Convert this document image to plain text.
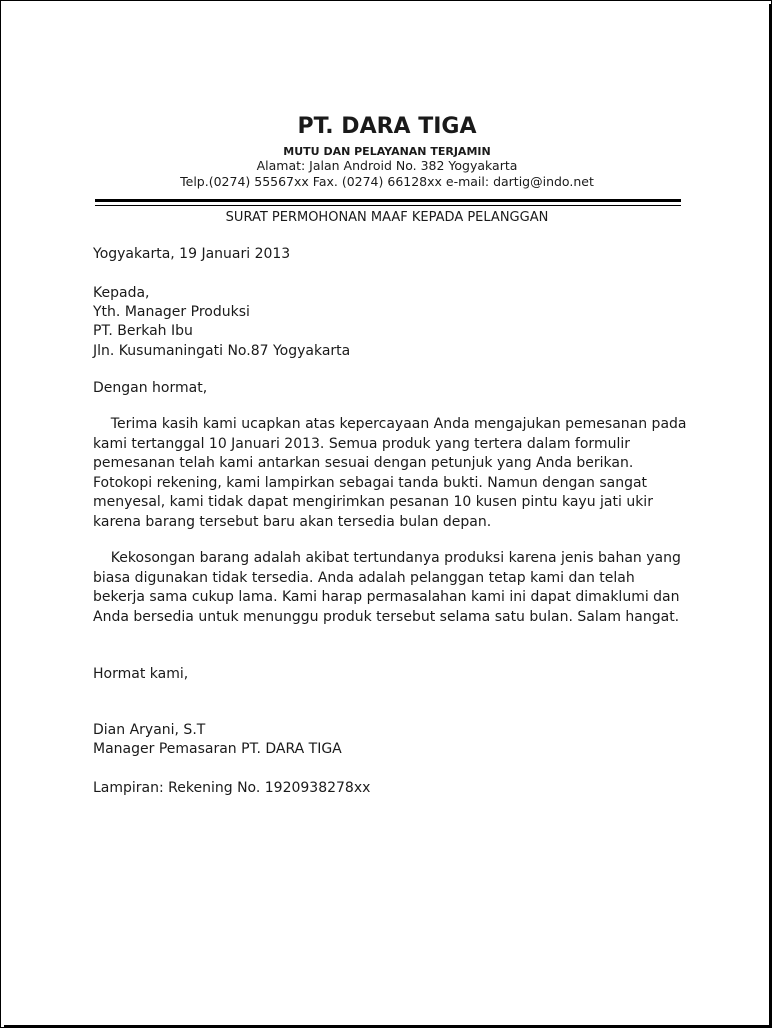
PT. DARA TIGA
MUTU DAN PELAYANAN TERJAMIN
Alamat: Jalan Android No. 382 Yogyakarta
Telp.(0274) 55567xx Fax. (0274) 66128xx e-mail: dartig@indo.net
SURAT PERMOHONAN MAAF KEPADA PELANGGAN
Yogyakarta, 19 Januari 2013
Kepada,
Yth. Manager Produksi
PT. Berkah Ibu
Jln. Kusumaningati No.87 Yogyakarta
Dengan hormat,
Terima kasih kami ucapkan atas kepercayaan Anda mengajukan pemesanan pada
kami tertanggal 10 Januari 2013. Semua produk yang tertera dalam formulir
pemesanan telah kami antarkan sesuai dengan petunjuk yang Anda berikan.
Fotokopi rekening, kami lampirkan sebagai tanda bukti. Namun dengan sangat
menyesal, kami tidak dapat mengirimkan pesanan 10 kusen pintu kayu jati ukir
karena barang tersebut baru akan tersedia bulan depan.
Kekosongan barang adalah akibat tertundanya produksi karena jenis bahan yang
biasa digunakan tidak tersedia. Anda adalah pelanggan tetap kami dan telah
bekerja sama cukup lama. Kami harap permasalahan kami ini dapat dimaklumi dan
Anda bersedia untuk menunggu produk tersebut selama satu bulan. Salam hangat.
Hormat kami,
Dian Aryani, S.T
Manager Pemasaran PT. DARA TIGA
Lampiran: Rekening No. 1920938278xx
